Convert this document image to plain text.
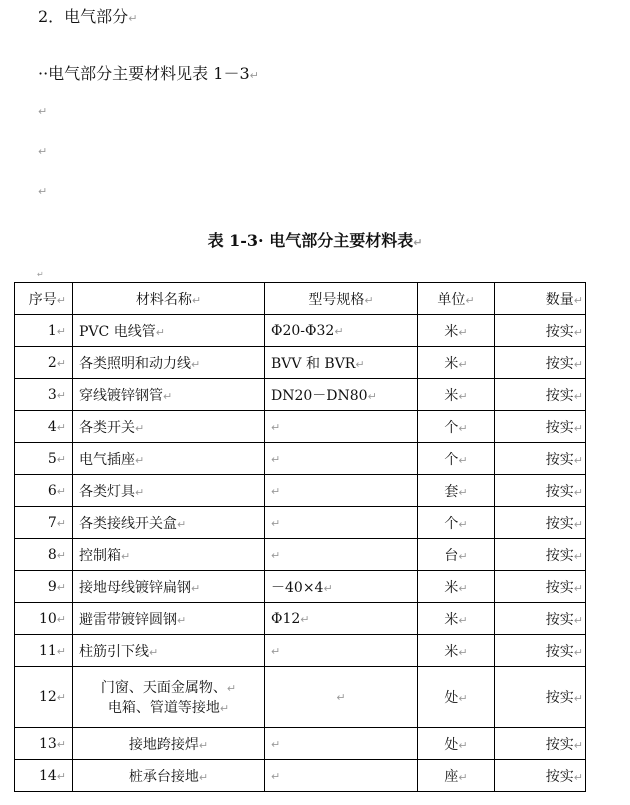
2．电气部分↵
··电气部分主要材料见表 1－3↵
↵
↵
↵
表 1-3· 电气部分主要材料表↵
↵
序号↵	材料名称↵	型号规格↵	单位↵	数量↵
1↵	PVC 电线管↵	Φ20-Φ32↵	米↵	按实↵
2↵	各类照明和动力线↵	BVV 和 BVR↵	米↵	按实↵
3↵	穿线镀锌钢管↵	DN20－DN80↵	米↵	按实↵
4↵	各类开关↵	↵	个↵	按实↵
5↵	电气插座↵	↵	个↵	按实↵
6↵	各类灯具↵	↵	套↵	按实↵
7↵	各类接线开关盒↵	↵	个↵	按实↵
8↵	控制箱↵	↵	台↵	按实↵
9↵	接地母线镀锌扁钢↵	－40×4↵	米↵	按实↵
10↵	避雷带镀锌圆钢↵	Φ12↵	米↵	按实↵
11↵	柱筋引下线↵	↵	米↵	按实↵
12↵	门窗、天面金属物、↵
电箱、管道等接地↵	↵	处↵	按实↵
13↵	接地跨接焊↵	↵	处↵	按实↵
14↵	桩承台接地↵	↵	座↵	按实↵
